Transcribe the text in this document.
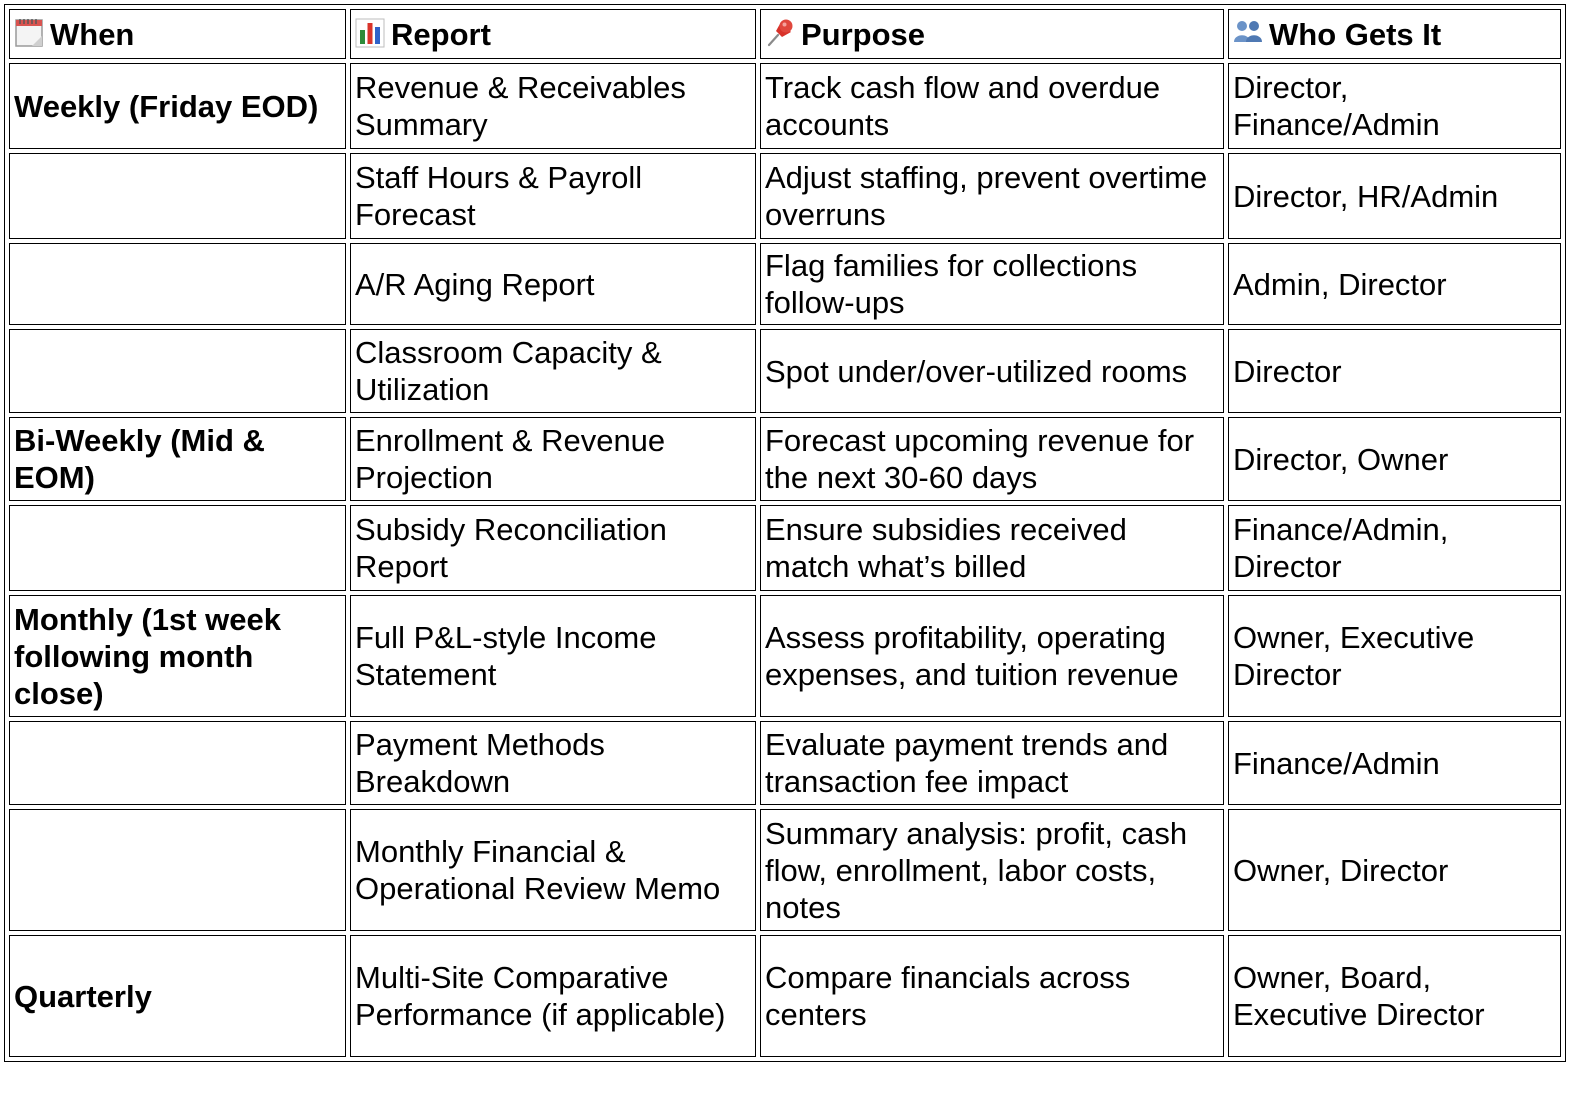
When	Report	Purpose	Who Gets It
Weekly (Friday EOD)	Revenue & Receivables Summary	Track cash flow and overdue accounts	Director, Finance/Admin
	Staff Hours & Payroll Forecast	Adjust staffing, prevent overtime overruns	Director, HR/Admin
	A/R Aging Report	Flag families for collections follow-ups	Admin, Director
	Classroom Capacity & Utilization	Spot under/over-utilized rooms	Director
Bi-Weekly (Mid & EOM)	Enrollment & Revenue Projection	Forecast upcoming revenue for the next 30-60 days	Director, Owner
	Subsidy Reconciliation Report	Ensure subsidies received match what’s billed	Finance/Admin, Director
Monthly (1st week following month close)	Full P&L-style Income Statement	Assess profitability, operating expenses, and tuition revenue	Owner, Executive Director
	Payment Methods Breakdown	Evaluate payment trends and transaction fee impact	Finance/Admin
	Monthly Financial & Operational Review Memo	Summary analysis: profit, cash flow, enrollment, labor costs, notes	Owner, Director
Quarterly	Multi-Site Comparative Performance (if applicable)	Compare financials across centers	Owner, Board, Executive Director
